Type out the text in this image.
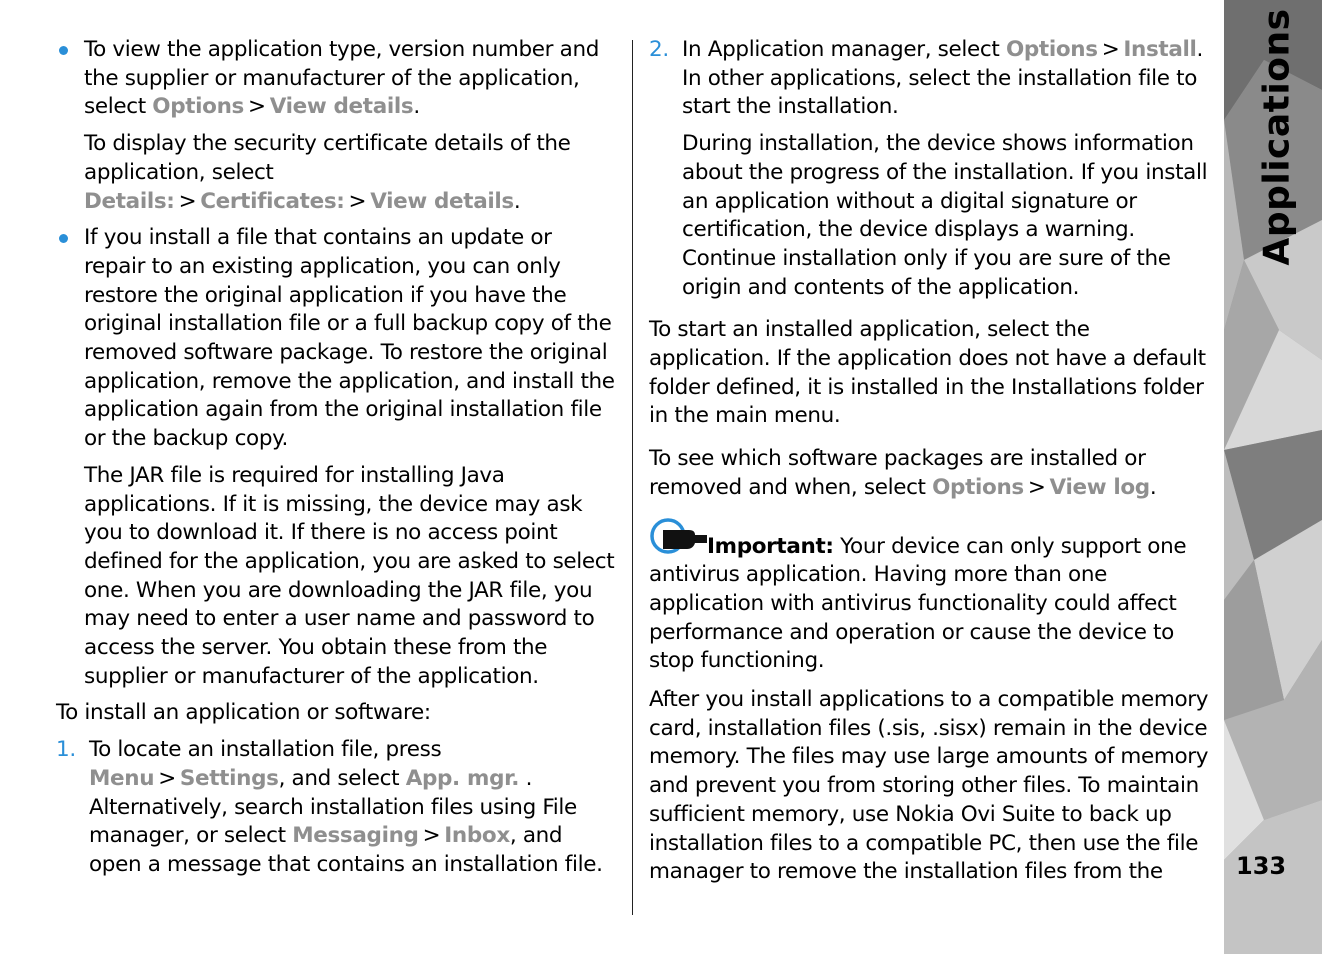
To view the application type, version number and the supplier or manufacturer of the application, select Options > View details.

To display the security certificate details of the application, select Details: > Certificates: > View details.

If you install a file that contains an update or repair to an existing application, you can only restore the original application if you have the original installation file or a full backup copy of the removed software package. To restore the original application, remove the application, and install the application again from the original installation file or the backup copy.

The JAR file is required for installing Java applications. If it is missing, the device may ask you to download it. If there is no access point defined for the application, you are asked to select one. When you are downloading the JAR file, you may need to enter a user name and password to access the server. You obtain these from the supplier or manufacturer of the application.

To install an application or software:

1. To locate an installation file, press Menu > Settings, and select App. mgr. . Alternatively, search installation files using File manager, or select Messaging > Inbox, and open a message that contains an installation file.

2. In Application manager, select Options > Install. In other applications, select the installation file to start the installation.

During installation, the device shows information about the progress of the installation. If you install an application without a digital signature or certification, the device displays a warning. Continue installation only if you are sure of the origin and contents of the application.

To start an installed application, select the application. If the application does not have a default folder defined, it is installed in the Installations folder in the main menu.

To see which software packages are installed or removed and when, select Options > View log.

Important: Your device can only support one antivirus application. Having more than one application with antivirus functionality could affect performance and operation or cause the device to stop functioning.

After you install applications to a compatible memory card, installation files (.sis, .sisx) remain in the device memory. The files may use large amounts of memory and prevent you from storing other files. To maintain sufficient memory, use Nokia Ovi Suite to back up installation files to a compatible PC, then use the file manager to remove the installation files from the

Applications
133
